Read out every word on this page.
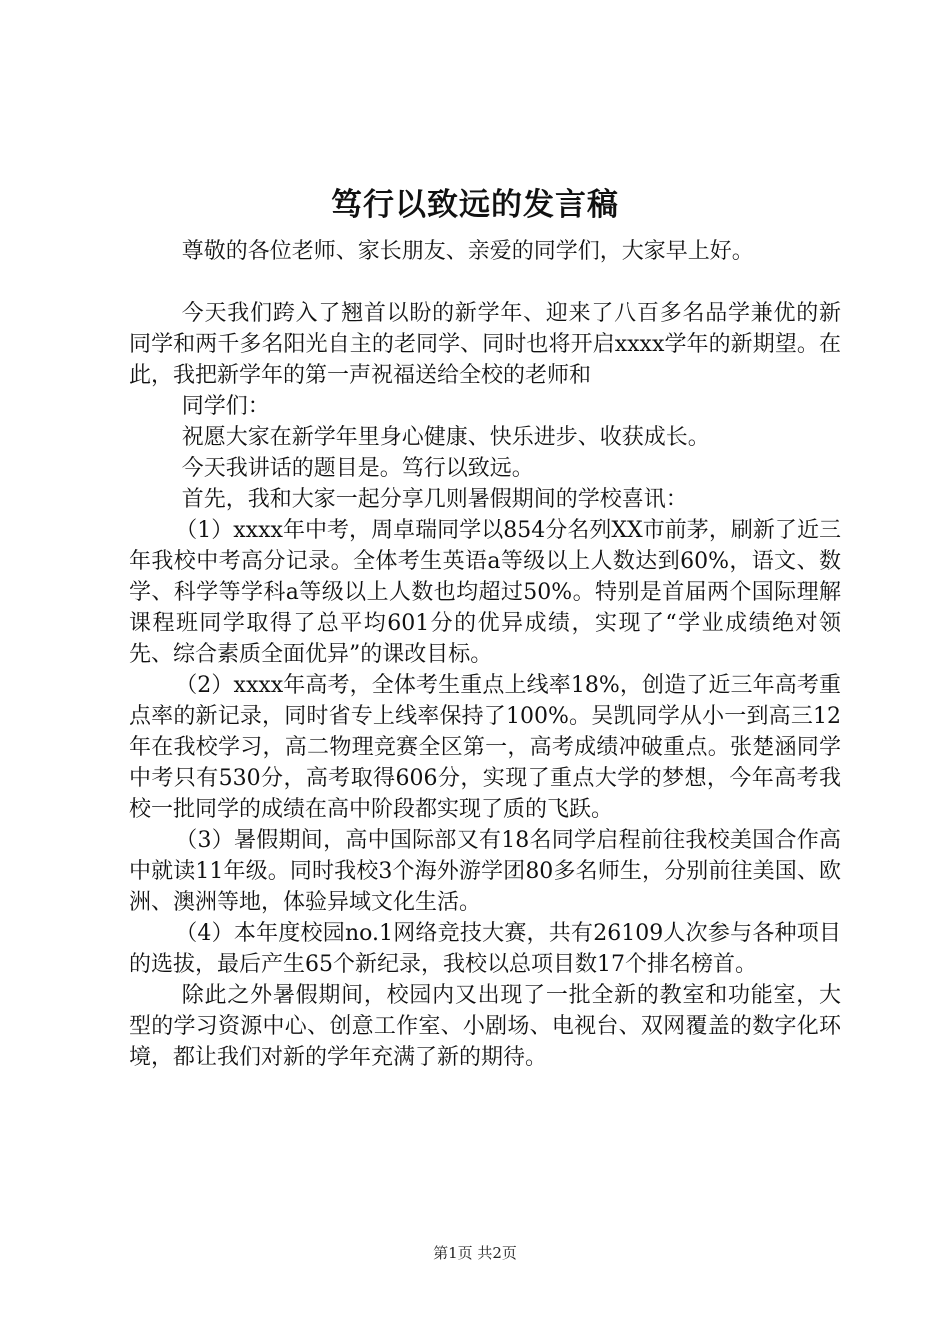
笃行以致远的发言稿

尊敬的各位老师、家长朋友、亲爱的同学们，大家早上好。

今天我们跨入了翘首以盼的新学年、迎来了八百多名品学兼优的新同学和两千多名阳光自主的老同学、同时也将开启xxxx学年的新期望。在此，我把新学年的第一声祝福送给全校的老师和

同学们：

祝愿大家在新学年里身心健康、快乐进步、收获成长。

今天我讲话的题目是。笃行以致远。

首先，我和大家一起分享几则暑假期间的学校喜讯：

（1）xxxx年中考，周卓瑞同学以854分名列XX市前茅，刷新了近三年我校中考高分记录。全体考生英语a等级以上人数达到60%，语文、数学、科学等学科a等级以上人数也均超过50%。特别是首届两个国际理解课程班同学取得了总平均601分的优异成绩，实现了“学业成绩绝对领先、综合素质全面优异”的课改目标。

（2）xxxx年高考，全体考生重点上线率18%，创造了近三年高考重点率的新记录，同时省专上线率保持了100%。吴凯同学从小一到高三12年在我校学习，高二物理竞赛全区第一，高考成绩冲破重点。张楚涵同学中考只有530分，高考取得606分，实现了重点大学的梦想，今年高考我校一批同学的成绩在高中阶段都实现了质的飞跃。

（3）暑假期间，高中国际部又有18名同学启程前往我校美国合作高中就读11年级。同时我校3个海外游学团80多名师生，分别前往美国、欧洲、澳洲等地，体验异域文化生活。

（4）本年度校园no.1网络竞技大赛，共有26109人次参与各种项目的选拔，最后产生65个新纪录，我校以总项目数17个排名榜首。

除此之外暑假期间，校园内又出现了一批全新的教室和功能室，大型的学习资源中心、创意工作室、小剧场、电视台、双网覆盖的数字化环境，都让我们对新的学年充满了新的期待。

第1页 共2页
